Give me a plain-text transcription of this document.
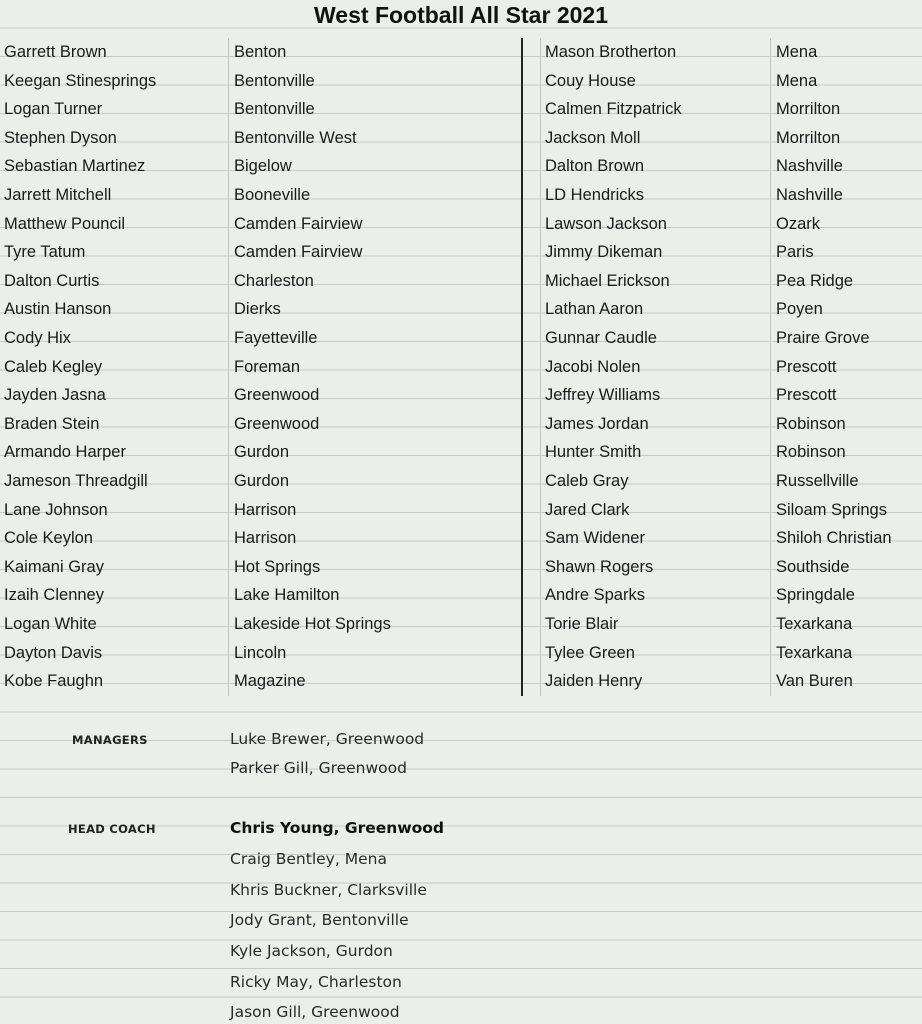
West Football All Star 2021
Garrett Brown	Benton	Mason Brotherton	Mena
Keegan Stinesprings	Bentonville	Couy House	Mena
Logan Turner	Bentonville	Calmen Fitzpatrick	Morrilton
Stephen Dyson	Bentonville West	Jackson Moll	Morrilton
Sebastian Martinez	Bigelow	Dalton Brown	Nashville
Jarrett Mitchell	Booneville	LD Hendricks	Nashville
Matthew Pouncil	Camden Fairview	Lawson Jackson	Ozark
Tyre Tatum	Camden Fairview	Jimmy Dikeman	Paris
Dalton Curtis	Charleston	Michael Erickson	Pea Ridge
Austin Hanson	Dierks	Lathan Aaron	Poyen
Cody Hix	Fayetteville	Gunnar Caudle	Praire Grove
Caleb Kegley	Foreman	Jacobi Nolen	Prescott
Jayden Jasna	Greenwood	Jeffrey Williams	Prescott
Braden Stein	Greenwood	James Jordan	Robinson
Armando Harper	Gurdon	Hunter Smith	Robinson
Jameson Threadgill	Gurdon	Caleb Gray	Russellville
Lane Johnson	Harrison	Jared Clark	Siloam Springs
Cole Keylon	Harrison	Sam Widener	Shiloh Christian
Kaimani Gray	Hot Springs	Shawn Rogers	Southside
Izaih Clenney	Lake Hamilton	Andre Sparks	Springdale
Logan White	Lakeside Hot Springs	Torie Blair	Texarkana
Dayton Davis	Lincoln	Tylee Green	Texarkana
Kobe Faughn	Magazine	Jaiden Henry	Van Buren
MANAGERS	Luke Brewer, Greenwood
Parker Gill, Greenwood
HEAD COACH	Chris Young, Greenwood
Craig Bentley, Mena
Khris Buckner, Clarksville
Jody Grant, Bentonville
Kyle Jackson, Gurdon
Ricky May, Charleston
Jason Gill, Greenwood
